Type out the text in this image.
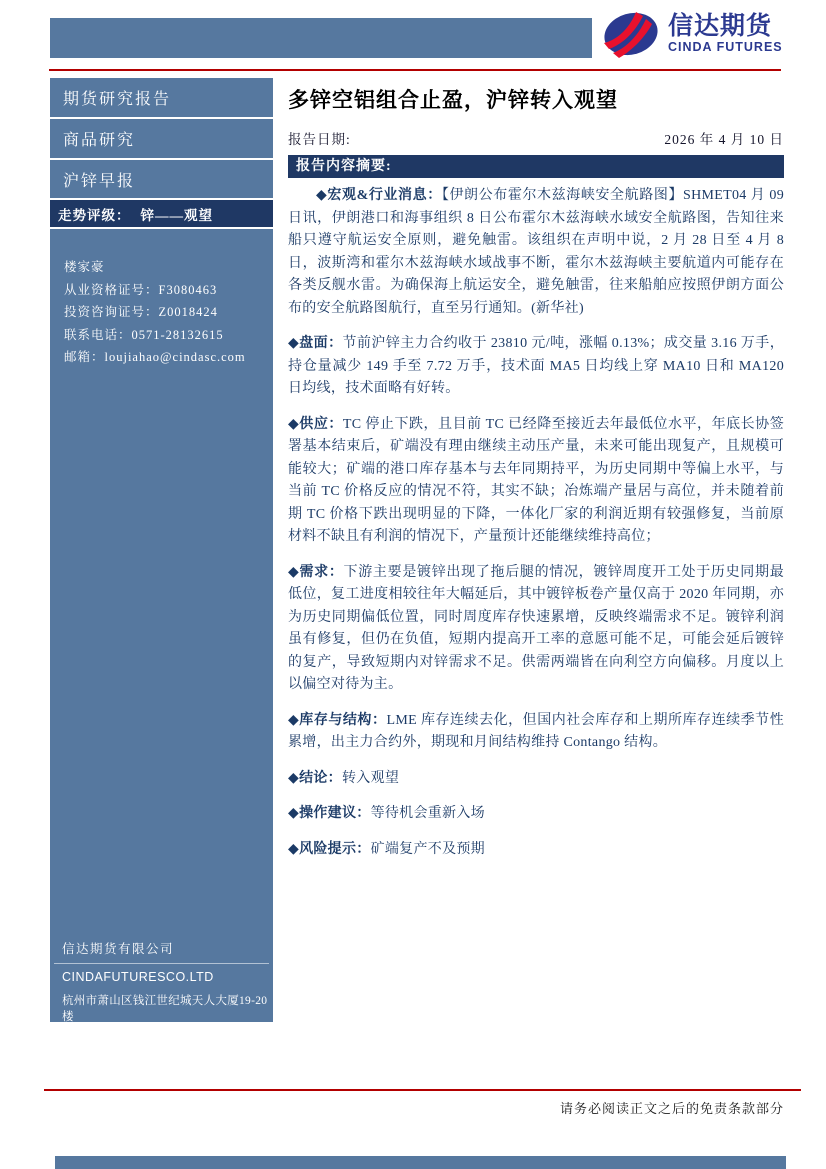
信达期货
CINDA FUTURES
期货研究报告
商品研究
沪锌早报
走势评级： 锌——观望
楼家豪
从业资格证号：F3080463
投资咨询证号：Z0018424
联系电话：0571-28132615
邮箱：loujiahao@cindasc.com
信达期货有限公司
CINDAFUTURESCO.LTD
杭州市萧山区钱江世纪城天人大厦19-20楼
邮编：311200
多锌空铝组合止盈，沪锌转入观望
报告日期:	2026 年 4 月 10 日
报告内容摘要:

◆宏观&行业消息：【伊朗公布霍尔木兹海峡安全航路图】SHMET04 月 09 日讯，伊朗港口和海事组织 8 日公布霍尔木兹海峡水域安全航路图，告知往来船只遵守航运安全原则，避免触雷。该组织在声明中说，2 月 28 日至 4 月 8 日，波斯湾和霍尔木兹海峡水域战事不断，霍尔木兹海峡主要航道内可能存在各类反舰水雷。为确保海上航运安全，避免触雷，往来船舶应按照伊朗方面公布的安全航路图航行，直至另行通知。(新华社)

◆盘面：节前沪锌主力合约收于 23810 元/吨，涨幅 0.13%；成交量 3.16 万手，持仓量减少 149 手至 7.72 万手，技术面 MA5 日均线上穿 MA10 日和 MA120 日均线，技术面略有好转。

◆供应：TC 停止下跌，且目前 TC 已经降至接近去年最低位水平，年底长协签署基本结束后，矿端没有理由继续主动压产量，未来可能出现复产，且规模可能较大；矿端的港口库存基本与去年同期持平，为历史同期中等偏上水平，与当前 TC 价格反应的情况不符，其实不缺；冶炼端产量居与高位，并未随着前期 TC 价格下跌出现明显的下降，一体化厂家的利润近期有较强修复，当前原材料不缺且有利润的情况下，产量预计还能继续维持高位；

◆需求：下游主要是镀锌出现了拖后腿的情况，镀锌周度开工处于历史同期最低位，复工进度相较往年大幅延后，其中镀锌板卷产量仅高于 2020 年同期，亦为历史同期偏低位置，同时周度库存快速累增，反映终端需求不足。镀锌利润虽有修复，但仍在负值，短期内提高开工率的意愿可能不足，可能会延后镀锌的复产，导致短期内对锌需求不足。供需两端皆在向利空方向偏移。月度以上以偏空对待为主。

◆库存与结构：LME 库存连续去化，但国内社会库存和上期所库存连续季节性累增，出主力合约外，期现和月间结构维持 Contango 结构。

◆结论：转入观望

◆操作建议：等待机会重新入场

◆风险提示：矿端复产不及预期

请务必阅读正文之后的免责条款部分
